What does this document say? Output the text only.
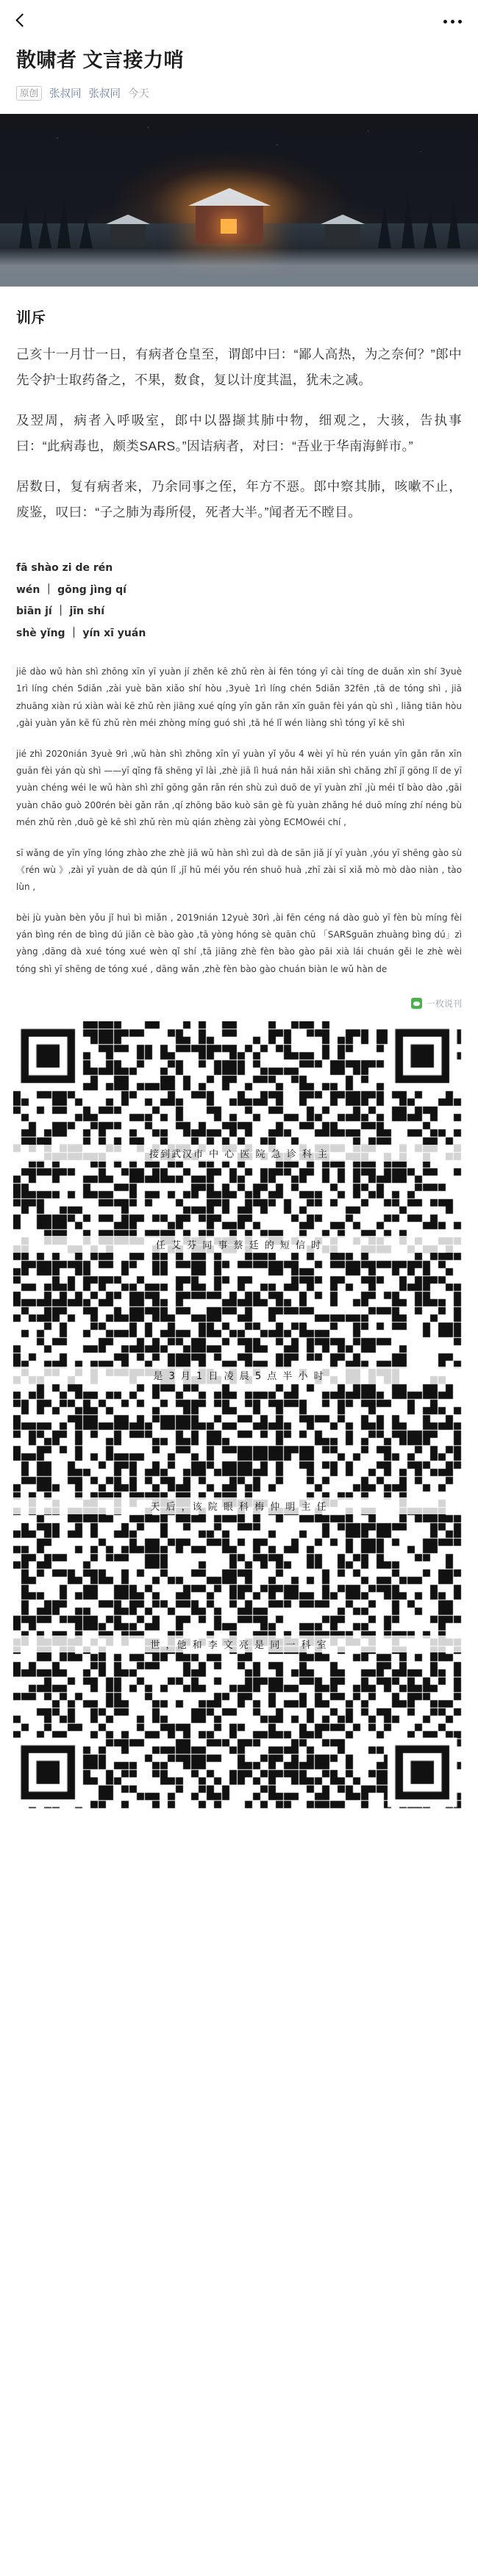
散啸者 文言接力哨
原创	张叔同 张叔同 今天
训斥

己亥十一月廿一日，有病者仓皇至，谓郎中曰：“鄙人高热，为之奈何？”郎中先令护士取药备之，不果，数食，复以计度其温，犹未之减。

及翌周，病者入呼吸室，郎中以器撷其肺中物，细观之，大骇，告执事曰：“此病毒也，颇类SARS。”因诘病者，对曰：“吾业于华南海鲜市。”

居数日，复有病者来，乃余同事之侄，年方不惡。郎中察其肺，咳嗽不止，废鉴，叹曰：“子之肺为毒所侵，死者大半。”闻者无不瞠目。

fā shào zi de rén
wén ｜ gōng jìng qí
biān jí ｜ jīn shí
shè yǐng ｜ yín xī yuán

jiē dào wǔ hàn shì zhōng xīn yī yuàn jí zhěn kē zhǔ rèn ài fēn tóng yī cài tíng de duǎn xìn shí 3yuè 1rì líng chén 5diǎn ,zài yuè bān xiǎo shí hòu ,3yuè 1rì líng chén 5diǎn 32fēn ,tā de tóng shì , jiā zhuāng xiàn rú xiàn wài kē zhǔ rèn jiāng xué qíng yīn gǎn rǎn xīn guān fèi yán qù shì , liǎng tiān hòu ,gài yuàn yǎn kē fū zhǔ rèn méi zhòng míng guó shì ,tā hé lǐ wén liàng shì tóng yī kē shì

jié zhì 2020nián 3yuè 9rì ,wǔ hàn shì zhōng xīn yī yuàn yǐ yǒu 4 wèi yī hù rén yuán yīn gǎn rǎn xīn guān fèi yán qù shì ——yī qǐng fā shēng yī lài ,zhè jiā lì huá nán hǎi xiān shì chǎng zhǐ jǐ gōng lǐ de yī yuàn chéng wéi le wǔ hàn shì zhī gōng gǎn rǎn rén shù zuì duō de yī yuàn zhī ,jù méi tǐ bào dào ,gāi yuàn chāo guò 200rén bèi gǎn rǎn ,qí zhōng bāo kuò sān gè fù yuàn zhǎng hé duō míng zhí néng bù mén zhǔ rèn ,duō gè kē shì zhǔ rèn mù qián zhèng zài yòng ECMOwéi chí ,

sī wǎng de yīn yǐng lóng zhào zhe zhè jiā wǔ hàn shì zuì dà de sān jiǎ jí yī yuàn ,yóu yī shēng gào sù 《rén wù 》,zài yī yuàn de dà qún lǐ ,jǐ hū méi yǒu rén shuō huà ,zhī zài sī xiǎ mò mò dào niàn , tào lùn ,

bèi jù yuàn bèn yǒu jǐ huì bì miǎn , 2019nián 12yuè 30rì ,ài fēn céng ná dào guò yī fèn bù míng fèi yán bìng rén de bìng dú jiǎn cè bào gào ,tā yòng hóng sè quān chū 「SARSguān zhuàng bìng dú」zì yàng ,dāng dà xué tóng xué wèn qǐ shí ,tā jiāng zhè fèn bào gào pāi xià lái chuán gěi le zhè wèi tóng shì yī shēng de tóng xué , dāng wǎn ,zhè fèn bào gào chuán biàn le wǔ hàn de

一枚说刊
接到武汉市 中 心 医 院 急 诊 科 主
任 艾 芬 同 事 蔡 廷 的 短 信 时
是 3 月 1 日 凌 晨 5 点 半 小 时
天 后 ，该 院 眼 科 梅 仲 明 主 任
世 ，他 和 李 文 亮 是 同 一 科 室
